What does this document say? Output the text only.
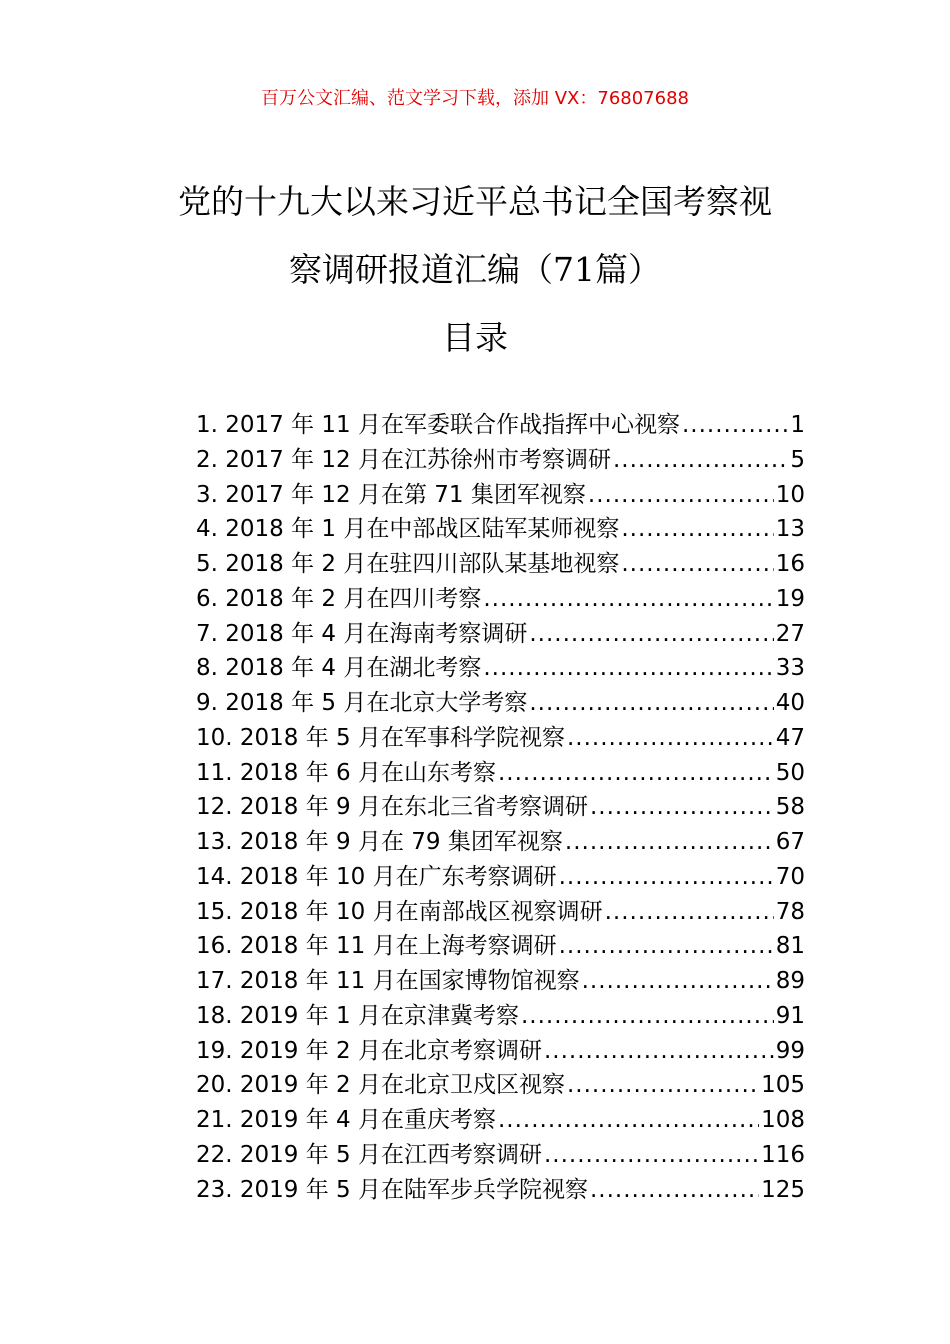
百万公文汇编、范文学习下载，添加 VX：76807688
党的十九大以来习近平总书记全国考察视
察调研报道汇编（71篇）
目录
1. 2017 年 11 月在军委联合作战指挥中心视察 .....	1
2. 2017 年 12 月在江苏徐州市考察调研 .....	5
3. 2017 年 12 月在第 71 集团军视察 .....	10
4. 2018 年 1 月在中部战区陆军某师视察 .....	13
5. 2018 年 2 月在驻四川部队某基地视察 .....	16
6. 2018 年 2 月在四川考察 .....	19
7. 2018 年 4 月在海南考察调研 .....	27
8. 2018 年 4 月在湖北考察 .....	33
9. 2018 年 5 月在北京大学考察 .....	40
10. 2018 年 5 月在军事科学院视察 .....	47
11. 2018 年 6 月在山东考察 .....	50
12. 2018 年 9 月在东北三省考察调研 .....	58
13. 2018 年 9 月在 79 集团军视察 .....	67
14. 2018 年 10 月在广东考察调研 .....	70
15. 2018 年 10 月在南部战区视察调研 .....	78
16. 2018 年 11 月在上海考察调研 .....	81
17. 2018 年 11 月在国家博物馆视察 .....	89
18. 2019 年 1 月在京津冀考察 .....	91
19. 2019 年 2 月在北京考察调研 .....	99
20. 2019 年 2 月在北京卫戍区视察 .....	105
21. 2019 年 4 月在重庆考察 .....	108
22. 2019 年 5 月在江西考察调研 .....	116
23. 2019 年 5 月在陆军步兵学院视察 .....	125
